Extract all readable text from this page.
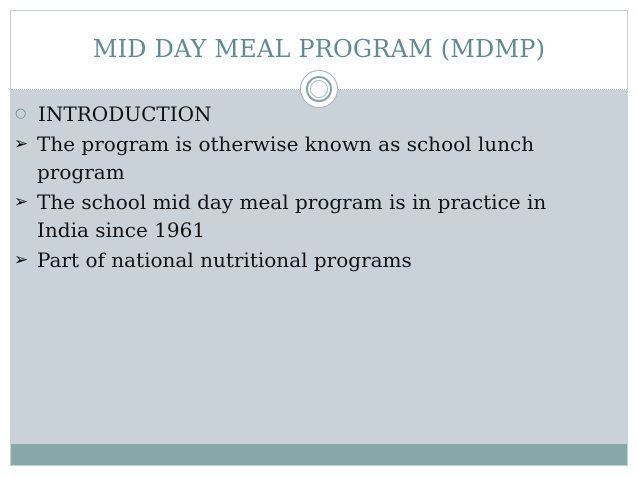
MID DAY MEAL PROGRAM (MDMP)
○ INTRODUCTION
➢ The program is otherwise known as school lunch program
➢ The school mid day meal program is in practice in India since 1961
➢ Part of national nutritional programs
